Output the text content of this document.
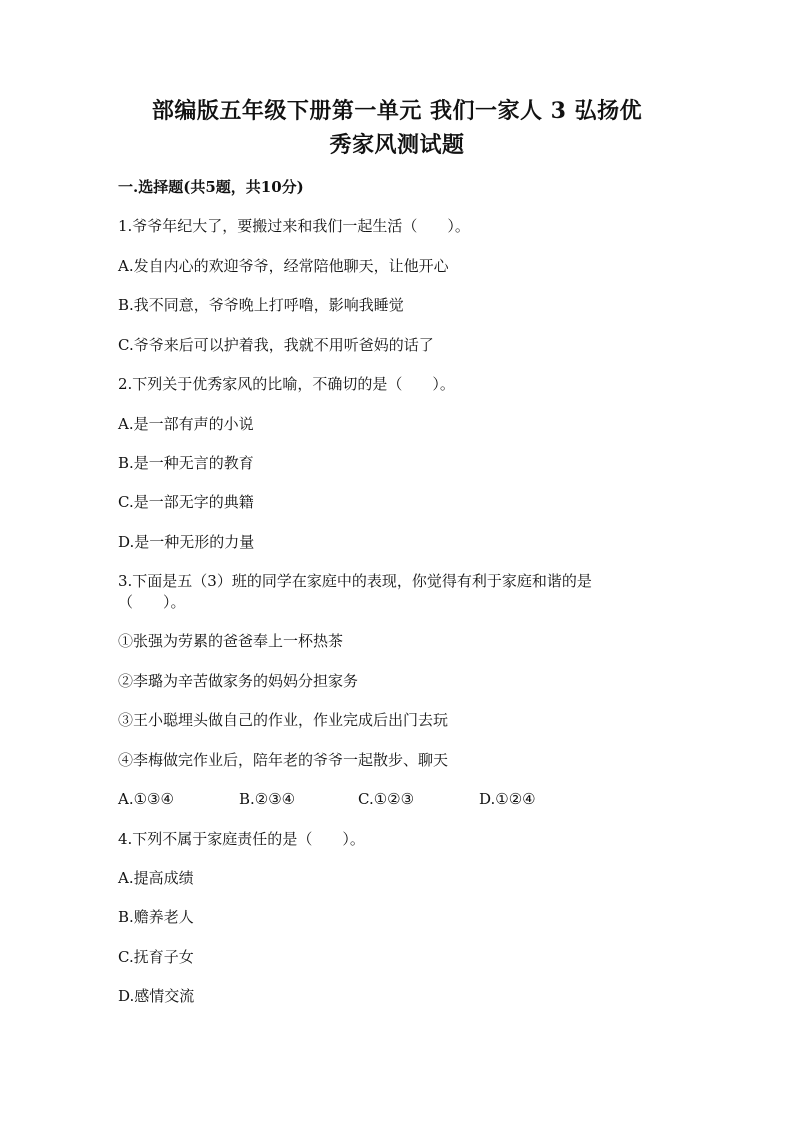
部编版五年级下册第一单元 我们一家人 3 弘扬优
秀家风测试题
一.选择题(共5题，共10分)
1.爷爷年纪大了，要搬过来和我们一起生活（　　）。
A.发自内心的欢迎爷爷，经常陪他聊天，让他开心
B.我不同意，爷爷晚上打呼噜，影响我睡觉
C.爷爷来后可以护着我，我就不用听爸妈的话了
2.下列关于优秀家风的比喻，不确切的是（　　）。
A.是一部有声的小说
B.是一种无言的教育
C.是一部无字的典籍
D.是一种无形的力量
3.下面是五（3）班的同学在家庭中的表现，你觉得有利于家庭和谐的是
（　　）。
①张强为劳累的爸爸奉上一杯热茶
②李璐为辛苦做家务的妈妈分担家务
③王小聪埋头做自己的作业，作业完成后出门去玩
④李梅做完作业后，陪年老的爷爷一起散步、聊天
A.①③④	B.②③④	C.①②③	D.①②④
4.下列不属于家庭责任的是（　　）。
A.提高成绩
B.赡养老人
C.抚育子女
D.感情交流
